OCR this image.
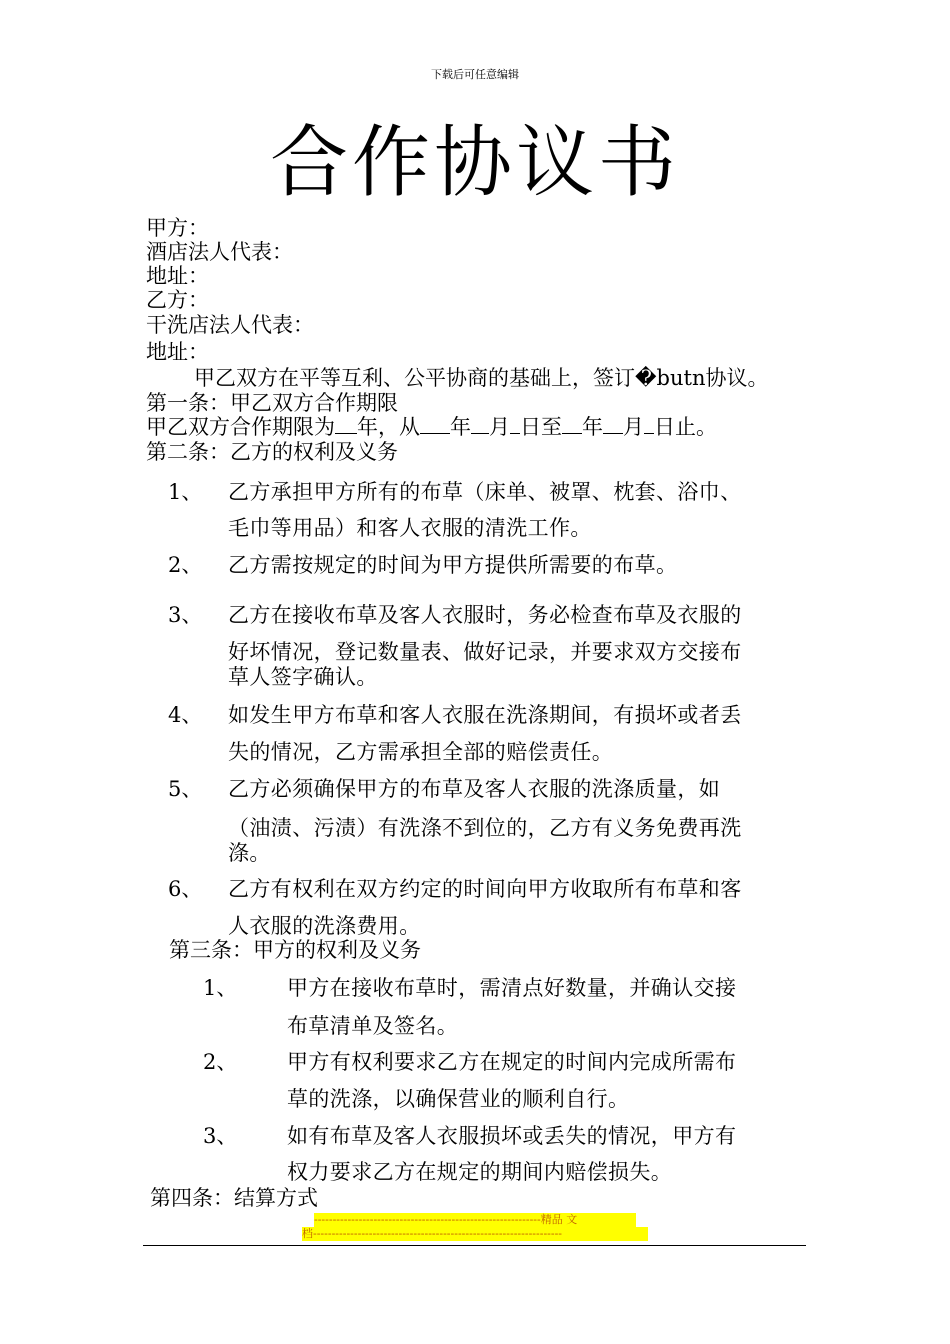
下载后可任意编辑
合作协议书
甲方：
酒店法人代表：
地址：
乙方：
干洗店法人代表：
地址：
甲乙双方在平等互利、公平协商的基础上，签订�butn协议。
第一条：甲乙双方合作期限
甲乙双方合作期限为 年，从 年 月 日至 年 月 日止。
第二条：乙方的权利及义务
1、 乙方承担甲方所有的布草（床单、被罩、枕套、浴巾、
毛巾等用品）和客人衣服的清洗工作。
2、 乙方需按规定的时间为甲方提供所需要的布草。
3、 乙方在接收布草及客人衣服时，务必检查布草及衣服的
好坏情况，登记数量表、做好记录，并要求双方交接布
草人签字确认。
4、 如发生甲方布草和客人衣服在洗涤期间，有损坏或者丢
失的情况，乙方需承担全部的赔偿责任。
5、 乙方必须确保甲方的布草及客人衣服的洗涤质量，如
（油渍、污渍）有洗涤不到位的，乙方有义务免费再洗
涤。
6、 乙方有权利在双方约定的时间向甲方收取所有布草和客
人衣服的洗涤费用。
第三条：甲方的权利及义务
1、 甲方在接收布草时，需清点好数量，并确认交接
布草清单及签名。
2、 甲方有权利要求乙方在规定的时间内完成所需布
草的洗涤，以确保营业的顺利自行。
3、 如有布草及客人衣服损坏或丢失的情况，甲方有
权力要求乙方在规定的期间内赔偿损失。
第四条：结算方式
-------------------------------------------------------------精品 文
档-------------------------------------------------------------------
